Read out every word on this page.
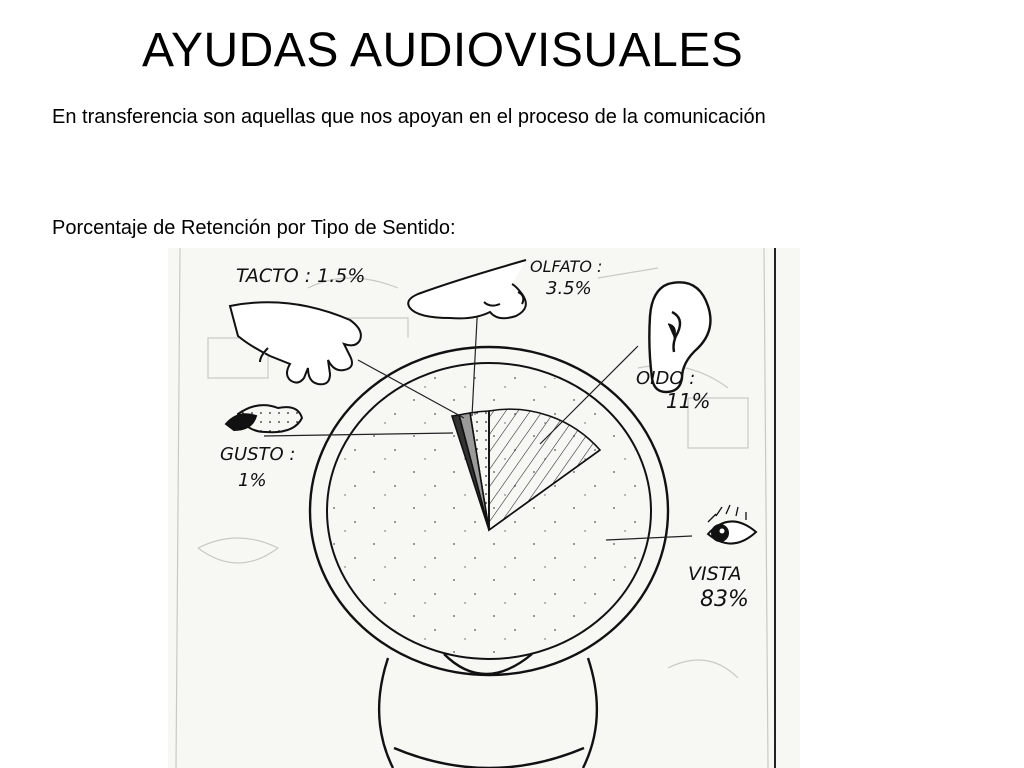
AYUDAS AUDIOVISUALES
En transferencia son aquellas que nos apoyan en el proceso de la comunicación
Porcentaje de Retención por Tipo de Sentido:
TACTO : 1.5%	OLFATO :
3.5%
OIDO :
11%
GUSTO :
1%
VISTA
83%
